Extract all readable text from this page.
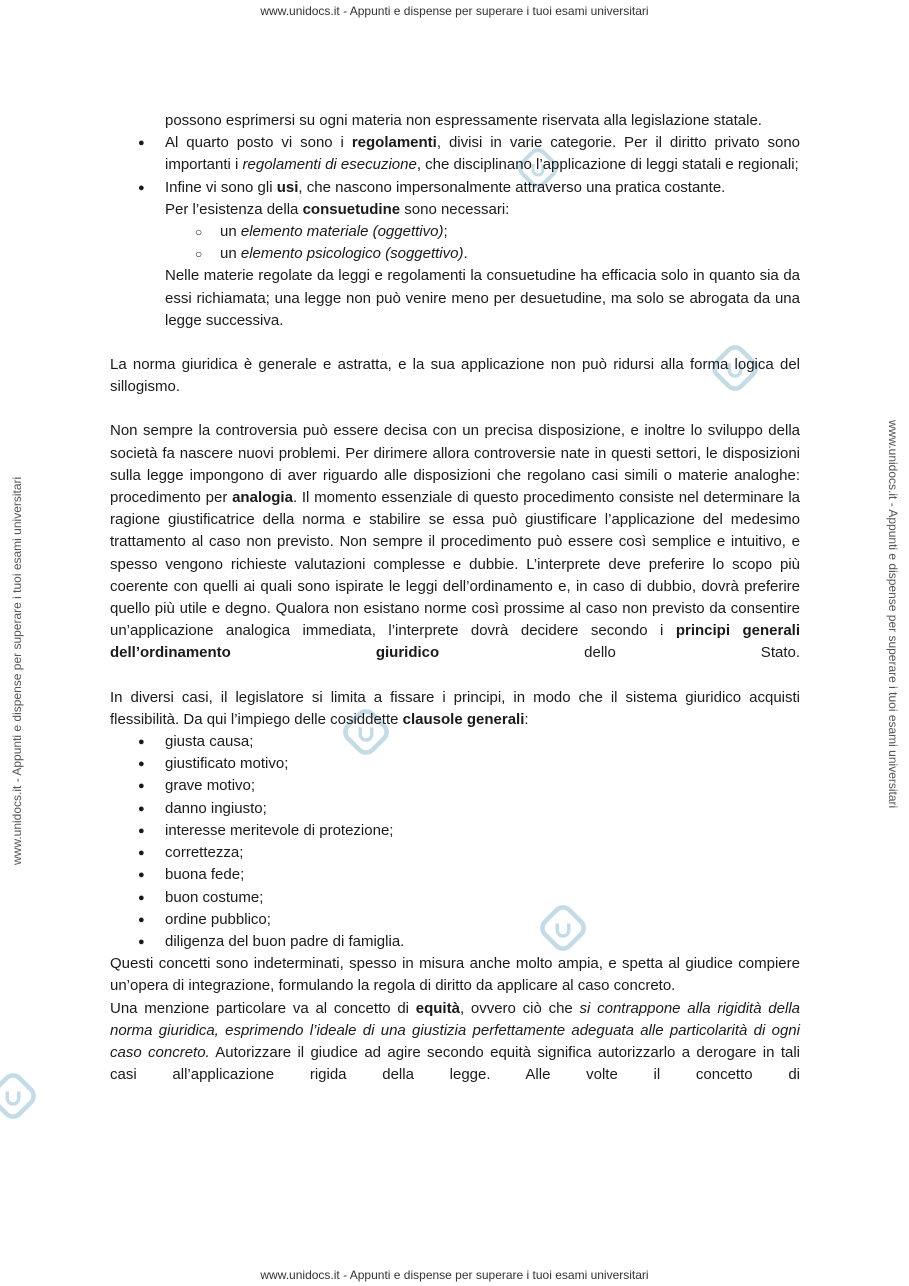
www.unidocs.it - Appunti e dispense per superare i tuoi esami universitari
www.unidocs.it - Appunti e dispense per superare i tuoi esami universitari	www.unidocs.it - Appunti e dispense per superare i tuoi esami universitari

possono esprimersi su ogni materia non espressamente riservata alla legislazione statale.

● Al quarto posto vi sono i regolamenti, divisi in varie categorie. Per il diritto privato sono importanti i regolamenti di esecuzione, che disciplinano l’applicazione di leggi statali e regionali;

● Infine vi sono gli usi, che nascono impersonalmente attraverso una pratica costante.

Per l’esistenza della consuetudine sono necessari:

○ un elemento materiale (oggettivo);
○ un elemento psicologico (soggettivo).

Nelle materie regolate da leggi e regolamenti la consuetudine ha efficacia solo in quanto sia da essi richiamata; una legge non può venire meno per desuetudine, ma solo se abrogata da una legge successiva.

La norma giuridica è generale e astratta, e la sua applicazione non può ridursi alla forma logica del sillogismo.

Non sempre la controversia può essere decisa con un precisa disposizione, e inoltre lo sviluppo della società fa nascere nuovi problemi. Per dirimere allora controversie nate in questi settori, le disposizioni sulla legge impongono di aver riguardo alle disposizioni che regolano casi simili o materie analoghe: procedimento per analogia. Il momento essenziale di questo procedimento consiste nel determinare la ragione giustificatrice della norma e stabilire se essa può giustificare l’applicazione del medesimo trattamento al caso non previsto. Non sempre il procedimento può essere così semplice e intuitivo, e spesso vengono richieste valutazioni complesse e dubbie. L’interprete deve preferire lo scopo più coerente con quelli ai quali sono ispirate le leggi dell’ordinamento e, in caso di dubbio, dovrà preferire quello più utile e degno. Qualora non esistano norme così prossime al caso non previsto da consentire un’applicazione analogica immediata, l’interprete dovrà decidere secondo i principi generali dell’ordinamento giuridico dello Stato.

In diversi casi, il legislatore si limita a fissare i principi, in modo che il sistema giuridico acquisti flessibilità. Da qui l’impiego delle cosiddette clausole generali:

● giusta causa;
● giustificato motivo;
● grave motivo;
● danno ingiusto;
● interesse meritevole di protezione;
● correttezza;
● buona fede;
● buon costume;
● ordine pubblico;
● diligenza del buon padre di famiglia.

Questi concetti sono indeterminati, spesso in misura anche molto ampia, e spetta al giudice compiere un’opera di integrazione, formulando la regola di diritto da applicare al caso concreto.

Una menzione particolare va al concetto di equità, ovvero ciò che si contrappone alla rigidità della norma giuridica, esprimendo l’ideale di una giustizia perfettamente adeguata alle particolarità di ogni caso concreto. Autorizzare il giudice ad agire secondo equità significa autorizzarlo a derogare in tali casi all’applicazione rigida della legge. Alle volte il concetto di

www.unidocs.it - Appunti e dispense per superare i tuoi esami universitari
